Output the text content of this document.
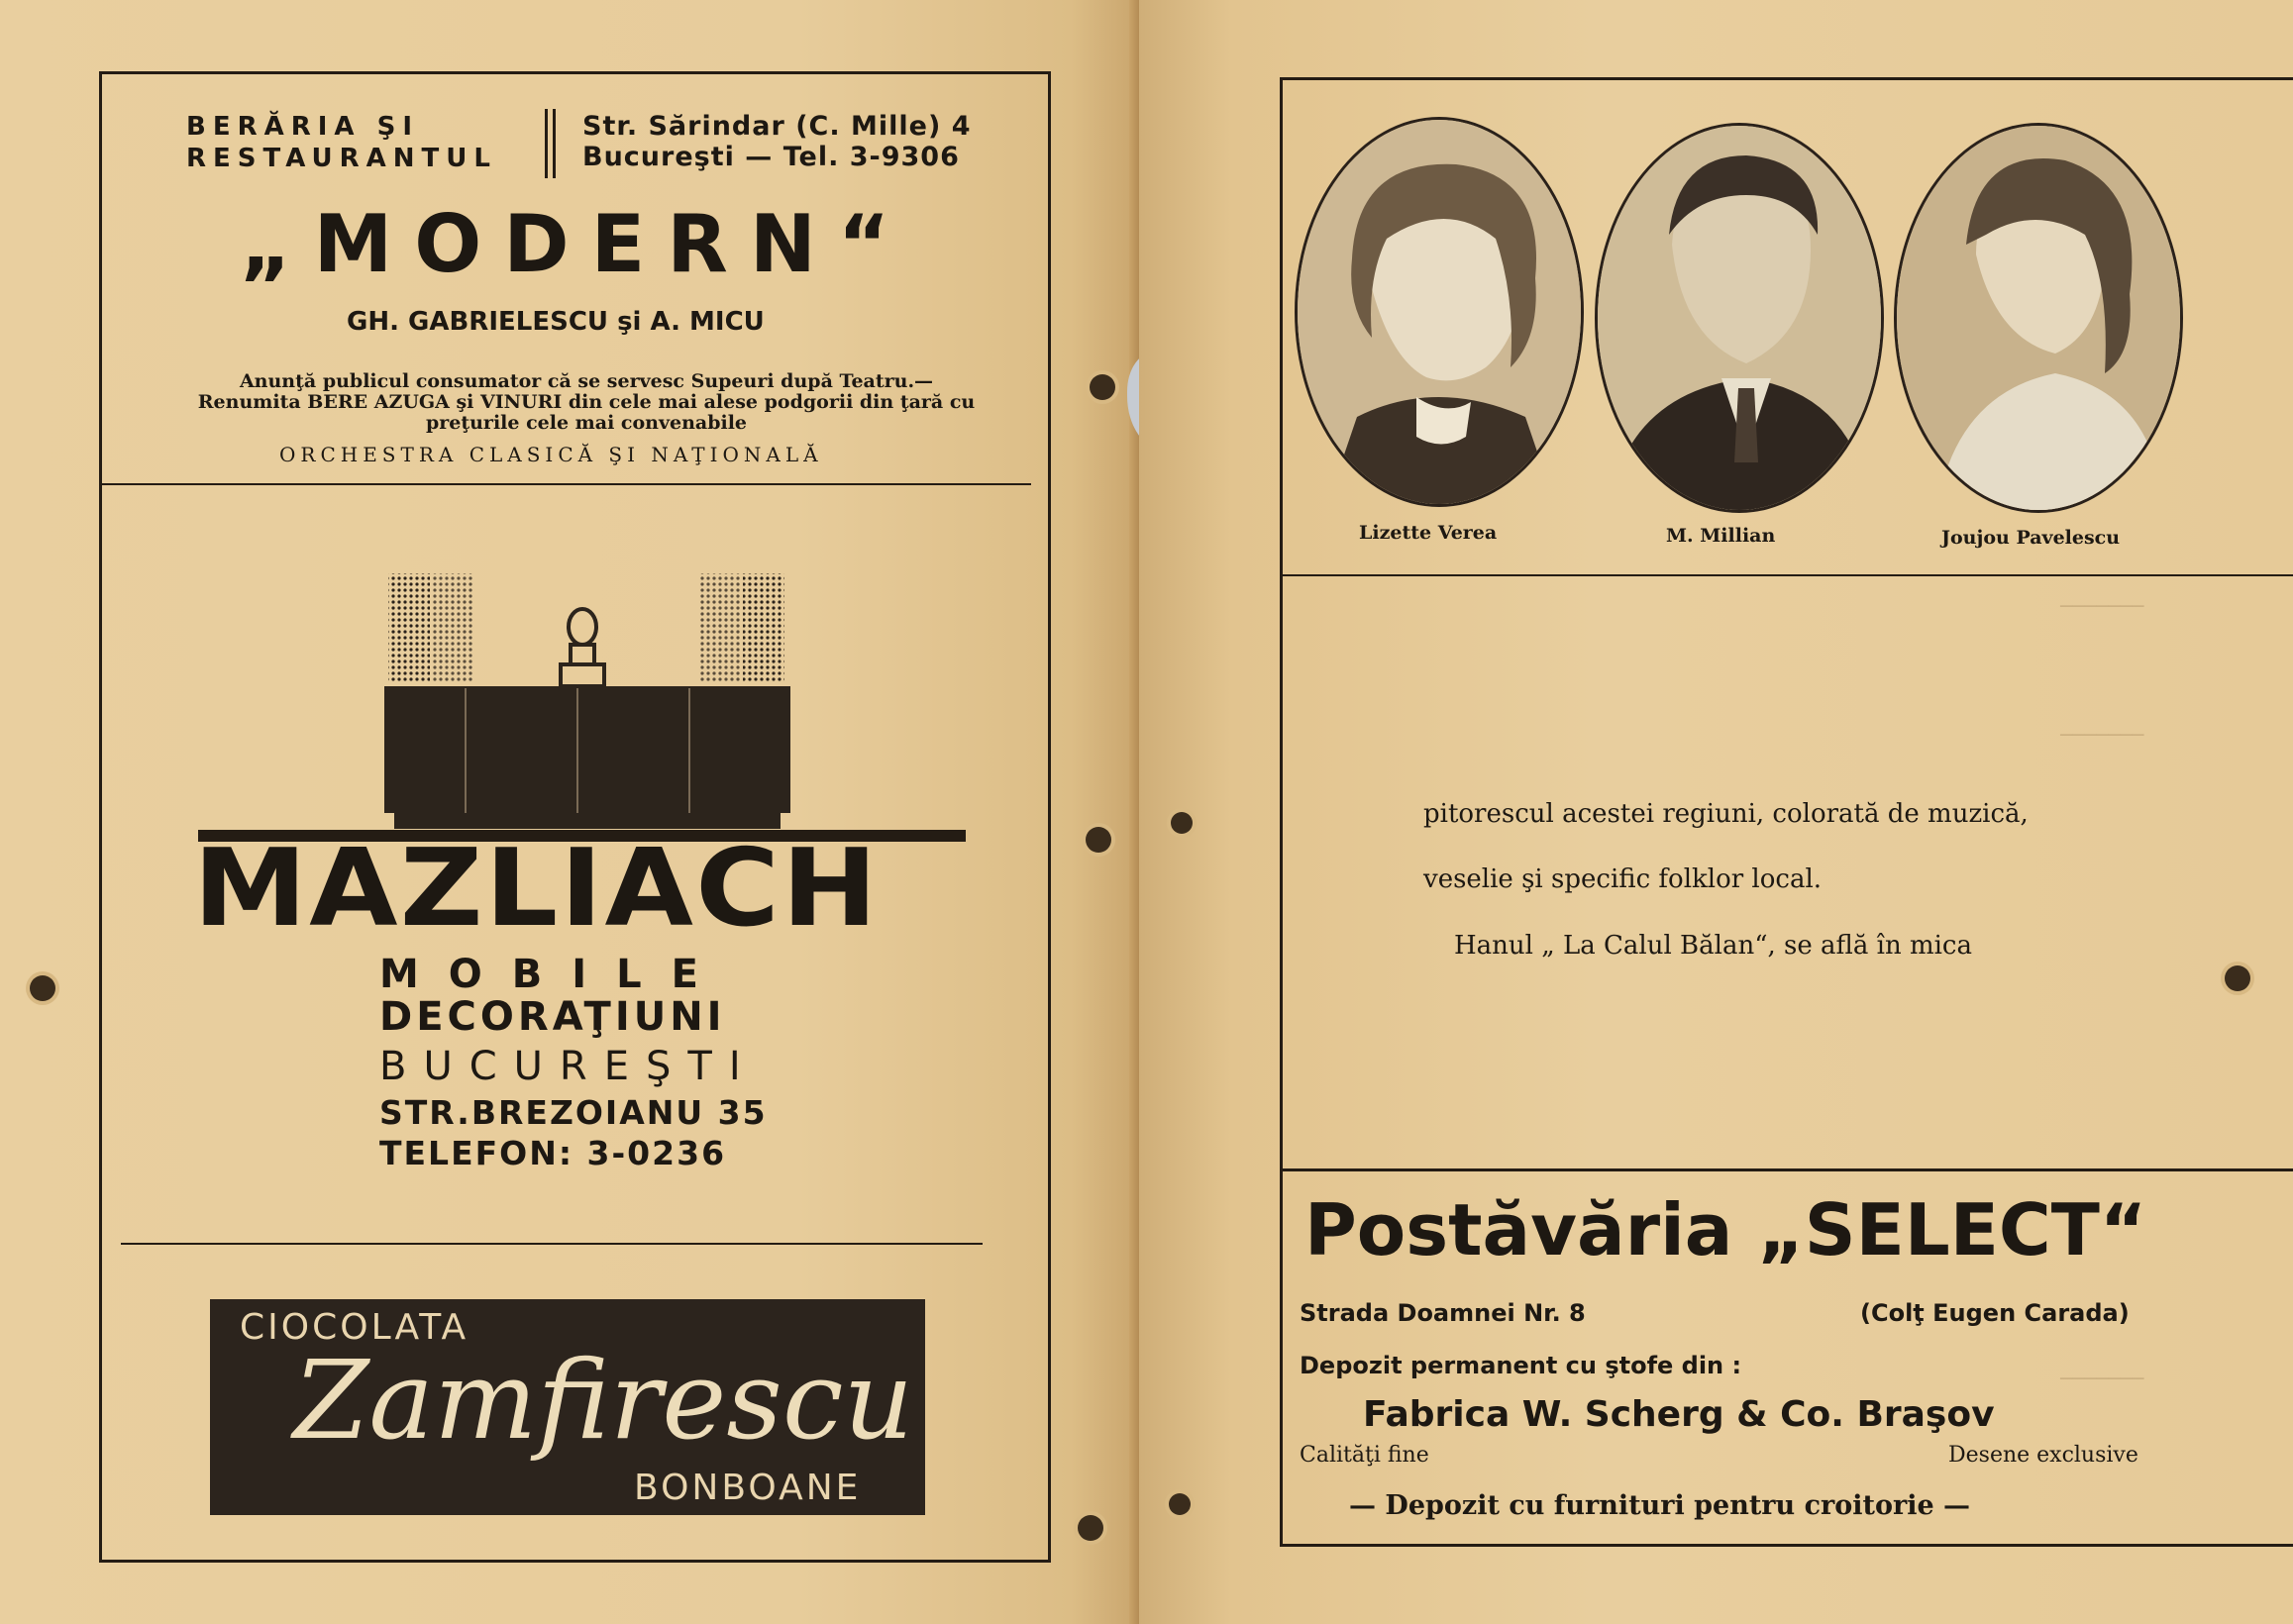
BERĂRIA ŞI
RESTAURANTUL
Str. Sărindar (C. Mille) 4
Bucureşti — Tel. 3-9306
„MODERN“
GH. GABRIELESCU şi A. MICU
Anunţă publicul consumator că se servesc Supeuri după Teatru.— Renumita BERE AZUGA şi VINURI din cele mai alese podgorii din ţară cu preţurile cele mai convenabile
ORCHESTRA CLASICĂ ŞI NAŢIONALĂ
MAZLIACH
MOBILE
DECORAŢIUNI
BUCUREŞTI
STR.BREZOIANU 35
TELEFON: 3-0236
CIOCOLATA
Zamfirescu
BONBOANE
───────
───────
───────
Lizette Verea	M. Millian	Joujou Pavelescu
pitorescul acestei regiuni, colorată de muzică,
veselie şi specific folklor local.
Hanul „ La Calul Bălan“, se află în mica
Postăvăria „SELECT“
Strada Doamnei Nr. 8	(Colţ Eugen Carada)
Depozit permanent cu ştofe din :
Fabrica W. Scherg & Co. Braşov
Calităţi fine	Desene exclusive
— Depozit cu furnituri pentru croitorie —
